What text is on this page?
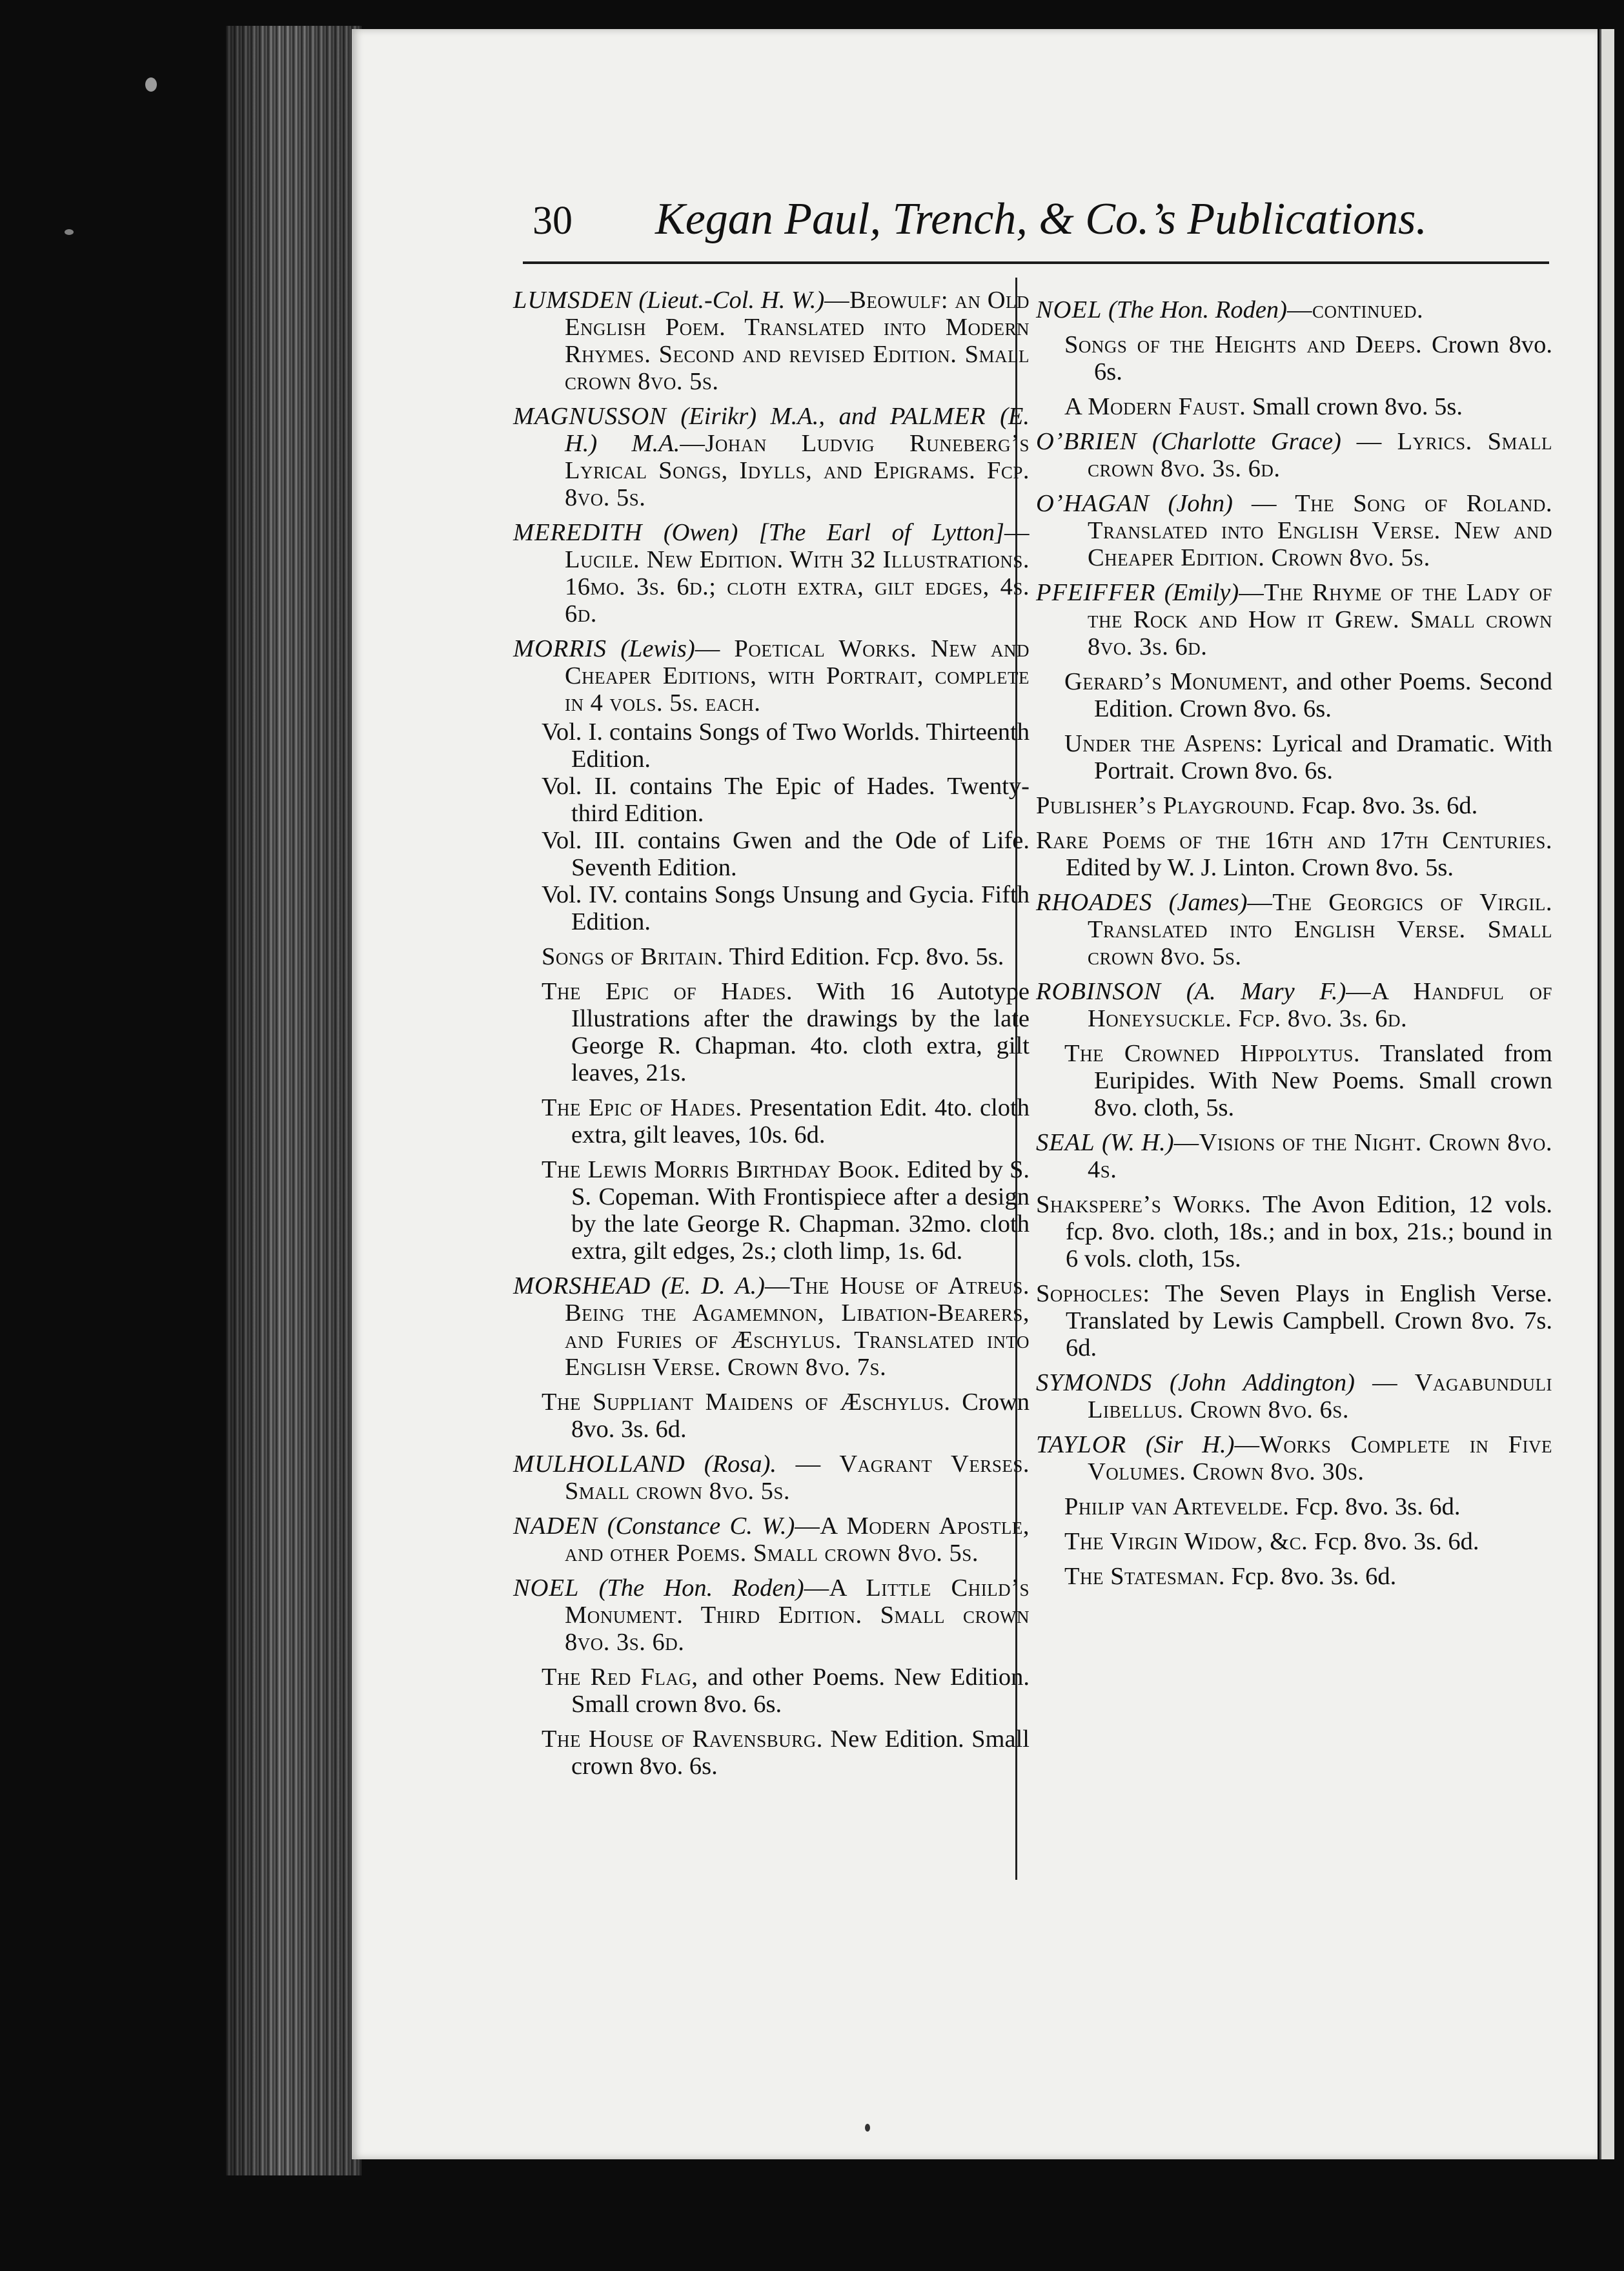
30 Kegan Paul, Trench, & Co.’s Publications.
LUMSDEN (Lieut.-Col. H. W.)—Beowulf: an Old English Poem. Translated into Modern Rhymes. Second and revised Edition. Small crown 8vo. 5s.
MAGNUSSON (Eirikr) M.A., and PALMER (E. H.) M.A.—Johan Ludvig Runeberg’s Lyrical Songs, Idylls, and Epigrams. Fcp. 8vo. 5s.
MEREDITH (Owen) [The Earl of Lytton]—Lucile. New Edition. With 32 Illustrations. 16mo. 3s. 6d.; cloth extra, gilt edges, 4s. 6d.
MORRIS (Lewis)— Poetical Works. New and Cheaper Editions, with Portrait, complete in 4 vols. 5s. each.
Vol. I. contains Songs of Two Worlds. Thirteenth Edition.
Vol. II. contains The Epic of Hades. Twenty-third Edition.
Vol. III. contains Gwen and the Ode of Life. Seventh Edition.
Vol. IV. contains Songs Unsung and Gycia. Fifth Edition.
Songs of Britain. Third Edition. Fcp. 8vo. 5s.
The Epic of Hades. With 16 Autotype Illustrations after the drawings by the late George R. Chapman. 4to. cloth extra, gilt leaves, 21s.
The Epic of Hades. Presentation Edit. 4to. cloth extra, gilt leaves, 10s. 6d.
The Lewis Morris Birthday Book. Edited by S. S. Copeman. With Frontispiece after a design by the late George R. Chapman. 32mo. cloth extra, gilt edges, 2s.; cloth limp, 1s. 6d.
MORSHEAD (E. D. A.)—The House of Atreus. Being the Agamemnon, Libation-Bearers, and Furies of Æschylus. Translated into English Verse. Crown 8vo. 7s.
The Suppliant Maidens of Æschylus. Crown 8vo. 3s. 6d.
MULHOLLAND (Rosa). — Vagrant Verses. Small crown 8vo. 5s.
NADEN (Constance C. W.)—A Modern Apostle, and other Poems. Small crown 8vo. 5s.
NOEL (The Hon. Roden)—A Little Child’s Monument. Third Edition. Small crown 8vo. 3s. 6d.
The Red Flag, and other Poems. New Edition. Small crown 8vo. 6s.
The House of Ravensburg. New Edition. Small crown 8vo. 6s.
NOEL (The Hon. Roden)—continued.
Songs of the Heights and Deeps. Crown 8vo. 6s.
A Modern Faust. Small crown 8vo. 5s.
O’BRIEN (Charlotte Grace) — Lyrics. Small crown 8vo. 3s. 6d.
O’HAGAN (John) — The Song of Roland. Translated into English Verse. New and Cheaper Edition. Crown 8vo. 5s.
PFEIFFER (Emily)—The Rhyme of the Lady of the Rock and How it Grew. Small crown 8vo. 3s. 6d.
Gerard’s Monument, and other Poems. Second Edition. Crown 8vo. 6s.
Under the Aspens: Lyrical and Dramatic. With Portrait. Crown 8vo. 6s.
Publisher’s Playground. Fcap. 8vo. 3s. 6d.
Rare Poems of the 16th and 17th Centuries. Edited by W. J. Linton. Crown 8vo. 5s.
RHOADES (James)—The Georgics of Virgil. Translated into English Verse. Small crown 8vo. 5s.
ROBINSON (A. Mary F.)—A Handful of Honeysuckle. Fcp. 8vo. 3s. 6d.
The Crowned Hippolytus. Translated from Euripides. With New Poems. Small crown 8vo. cloth, 5s.
SEAL (W. H.)—Visions of the Night. Crown 8vo. 4s.
Shakspere’s Works. The Avon Edition, 12 vols. fcp. 8vo. cloth, 18s.; and in box, 21s.; bound in 6 vols. cloth, 15s.
Sophocles: The Seven Plays in English Verse. Translated by Lewis Campbell. Crown 8vo. 7s. 6d.
SYMONDS (John Addington) — Vagabunduli Libellus. Crown 8vo. 6s.
TAYLOR (Sir H.)—Works Complete in Five Volumes. Crown 8vo. 30s.
Philip van Artevelde. Fcp. 8vo. 3s. 6d.
The Virgin Widow, &c. Fcp. 8vo. 3s. 6d.
The Statesman. Fcp. 8vo. 3s. 6d.
